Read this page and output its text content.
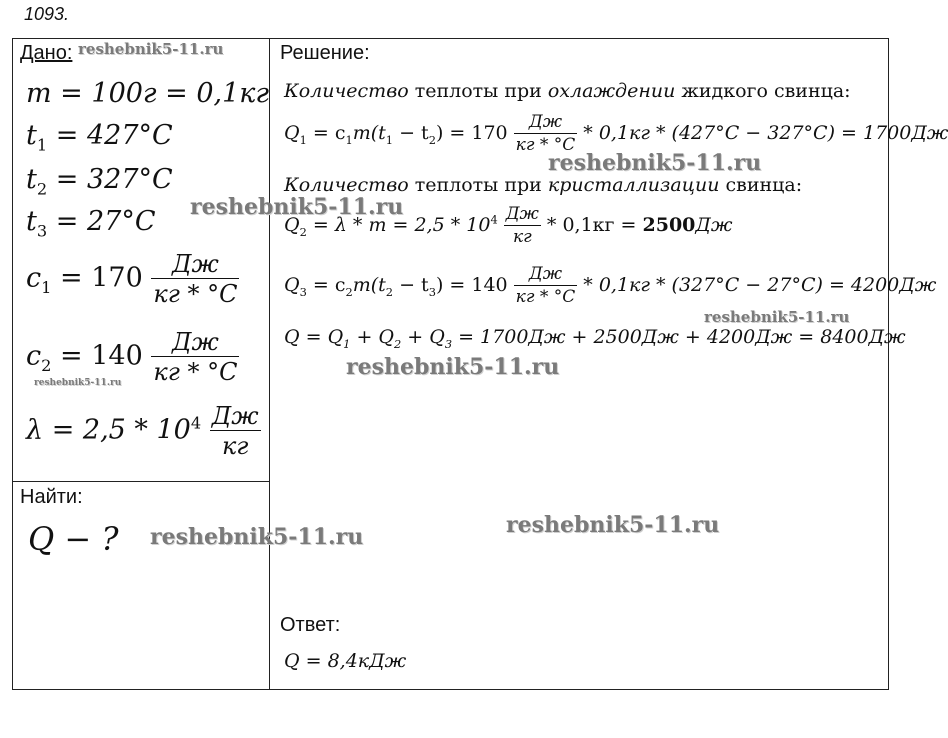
1093.
Дано:
m = 100г = 0,1кг
$t_1 = 427^\circ C$
$t_2 = 327^\circ C$
$t_3 = 27^\circ C$
$c_1 = 170 \frac{Дж}{кг * ^\circ C}$
$c_2 = 140 \frac{Дж}{кг * ^\circ C}$
$\lambda = 2,5 * 10^4 \frac{Дж}{кг}$
Найти:
Q − ?
Решение:
Количество теплоты при охлаждении жидкого свинца:
$Q_1 = c_1m(t_1 - t_2) = 170 \frac{Дж}{кг * ^\circ C} * 0,1кг * (427^\circ C - 327^\circ C) = 1700Дж$
Количество теплоты при кристаллизации свинца:
$Q_2 = \lambda * m = 2,5 * 10^4 \frac{Дж}{кг} * 0,1кг = 2500Дж$
$Q_3 = c_2m(t_2 - t_3) = 140 \frac{Дж}{кг * ^\circ C} * 0,1кг * (327^\circ C - 27^\circ C) = 4200Дж$
$Q = Q_1 + Q_2 + Q_3 = 1700Дж + 2500Дж + 4200Дж = 8400Дж$
Ответ:
Q = 8,4кДж
reshebnik5-11.ru
reshebnik5-11.ru
reshebnik5-11.ru
reshebnik5-11.ru
reshebnik5-11.ru
reshebnik5-11.ru
reshebnik5-11.ru
reshebnik5-11.ru
